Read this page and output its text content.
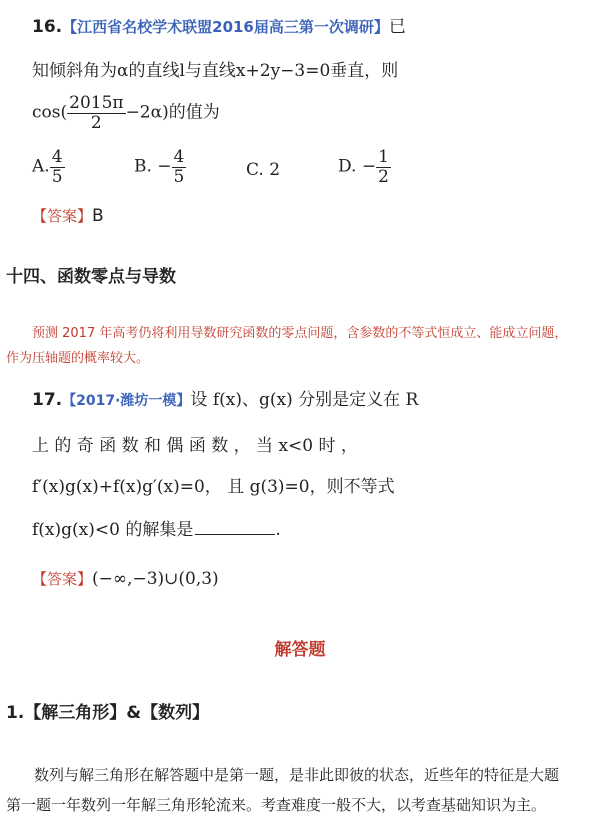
16.【江西省名校学术联盟2016届高三第一次调研】已
知倾斜角为α的直线l与直线x+2y−3=0垂直，则
$\cos( \frac{2015\pi}{2} -2\alpha)$的值为
A. $\frac{4}{5}$	B. − $\frac{4}{5}$	C. 2	D. − $\frac{1}{2}$
【答案】B
十四、函数零点与导数
预测 2017 年高考仍将利用导数研究函数的零点问题，含参数的不等式恒成立、能成立问题，
作为压轴题的概率较大。
17.【2017·潍坊一模】设 f(x)、g(x) 分别是定义在 R
上 的 奇 函 数 和 偶 函 数 ， 当 x<0 时 ，
f′(x)g(x)+f(x)g′(x)=0， 且 g(3)=0，则不等式
f(x)g(x)<0 的解集是	.
【答案】(−∞,−3)∪(0,3)
解答题
1.【解三角形】&【数列】
数列与解三角形在解答题中是第一题，是非此即彼的状态，近些年的特征是大题
第一题一年数列一年解三角形轮流来。考查难度一般不大，以考查基础知识为主。
